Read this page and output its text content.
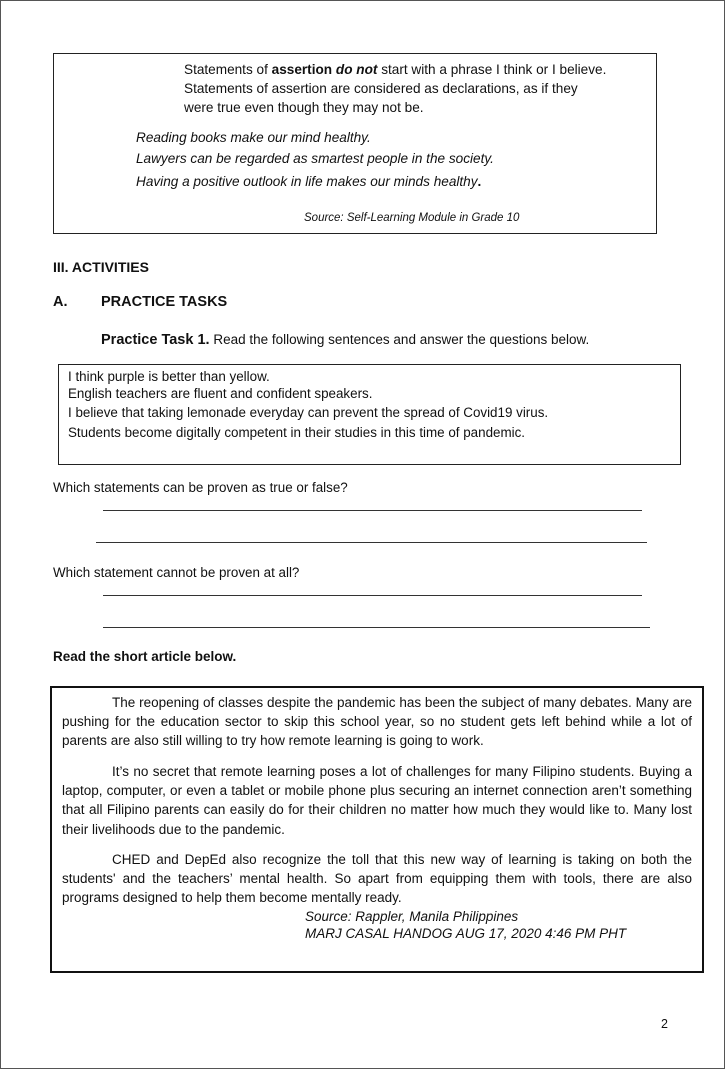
Statements of assertion do not start with a phrase I think or I believe.
Statements of assertion are considered as declarations, as if they
were true even though they may not be.
Reading books make our mind healthy.
Lawyers can be regarded as smartest people in the society.
Having a positive outlook in life makes our minds healthy.
Source: Self-Learning Module in Grade 10
III. ACTIVITIES
A. PRACTICE TASKS
Practice Task 1. Read the following sentences and answer the questions below.
I think purple is better than yellow.
English teachers are fluent and confident speakers.
I believe that taking lemonade everyday can prevent the spread of Covid19 virus.
Students become digitally competent in their studies in this time of pandemic.
Which statements can be proven as true or false?
Which statement cannot be proven at all?
Read the short article below.

The reopening of classes despite the pandemic has been the subject of many debates. Many are pushing for the education sector to skip this school year, so no student gets left behind while a lot of parents are also still willing to try how remote learning is going to work.

It’s no secret that remote learning poses a lot of challenges for many Filipino students. Buying a laptop, computer, or even a tablet or mobile phone plus securing an internet connection aren’t something that all Filipino parents can easily do for their children no matter how much they would like to. Many lost their livelihoods due to the pandemic.

CHED and DepEd also recognize the toll that this new way of learning is taking on both the students' and the teachers’ mental health. So apart from equipping them with tools, there are also programs designed to help them become mentally ready.

Source: Rappler, Manila Philippines
MARJ CASAL HANDOG AUG 17, 2020 4:46 PM PHT
2
